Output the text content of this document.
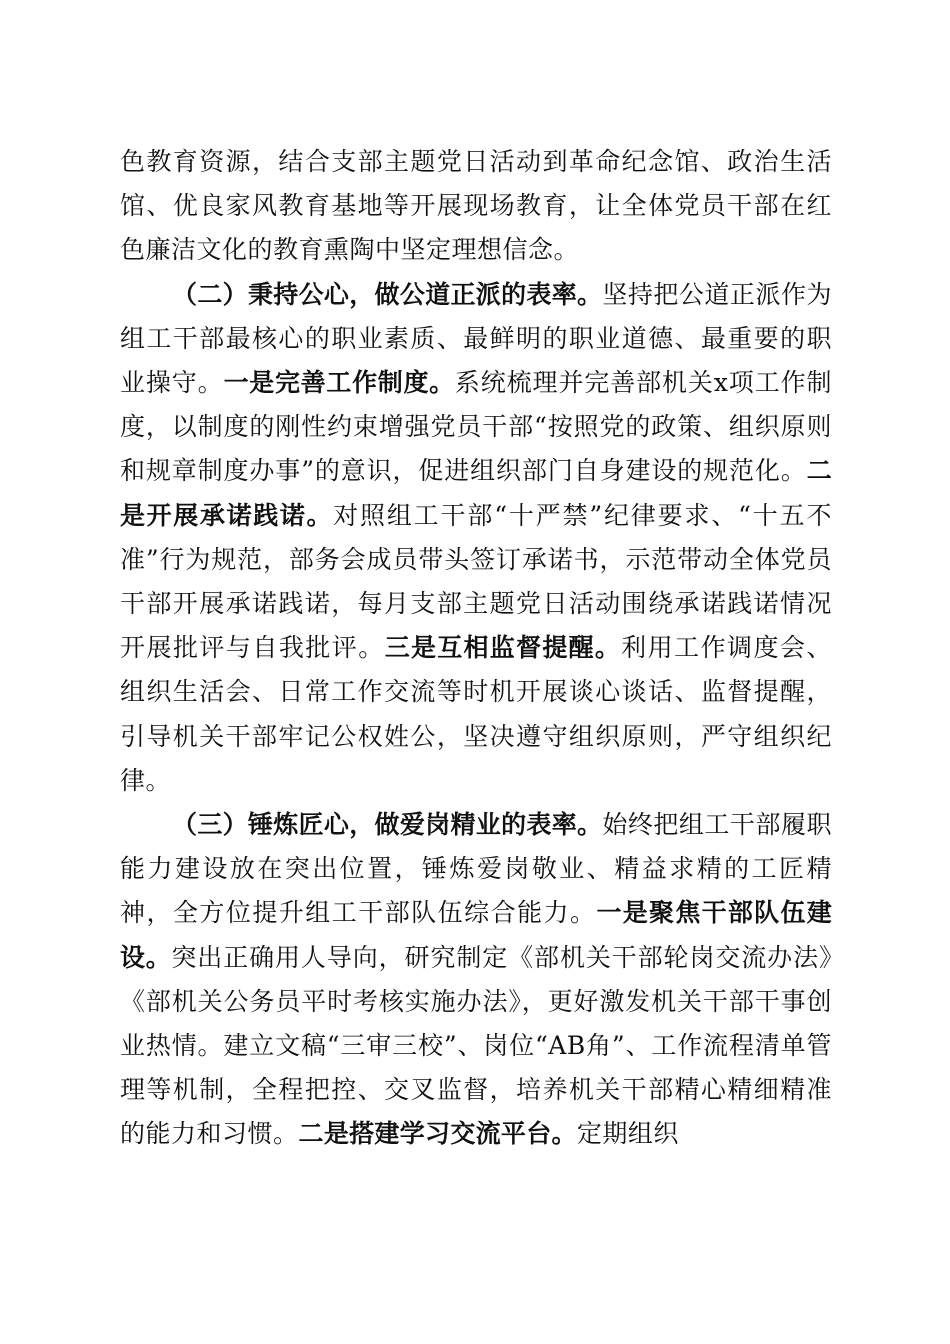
色教育资源，结合支部主题党日活动到革命纪念馆、政治生活馆、优良家风教育基地等开展现场教育，让全体党员干部在红色廉洁文化的教育熏陶中坚定理想信念。

（二）秉持公心，做公道正派的表率。坚持把公道正派作为组工干部最核心的职业素质、最鲜明的职业道德、最重要的职业操守。一是完善工作制度。系统梳理并完善部机关x项工作制度，以制度的刚性约束增强党员干部“按照党的政策、组织原则和规章制度办事”的意识，促进组织部门自身建设的规范化。二是开展承诺践诺。对照组工干部“十严禁”纪律要求、“十五不准”行为规范，部务会成员带头签订承诺书，示范带动全体党员干部开展承诺践诺，每月支部主题党日活动围绕承诺践诺情况开展批评与自我批评。三是互相监督提醒。利用工作调度会、组织生活会、日常工作交流等时机开展谈心谈话、监督提醒，引导机关干部牢记公权姓公，坚决遵守组织原则，严守组织纪律。

（三）锤炼匠心，做爱岗精业的表率。始终把组工干部履职能力建设放在突出位置，锤炼爱岗敬业、精益求精的工匠精神，全方位提升组工干部队伍综合能力。一是聚焦干部队伍建设。突出正确用人导向，研究制定《部机关干部轮岗交流办法》《部机关公务员平时考核实施办法》，更好激发机关干部干事创业热情。建立文稿“三审三校”、岗位“AB角”、工作流程清单管理等机制，全程把控、交叉监督，培养机关干部精心精细精准的能力和习惯。二是搭建学习交流平台。定期组织
